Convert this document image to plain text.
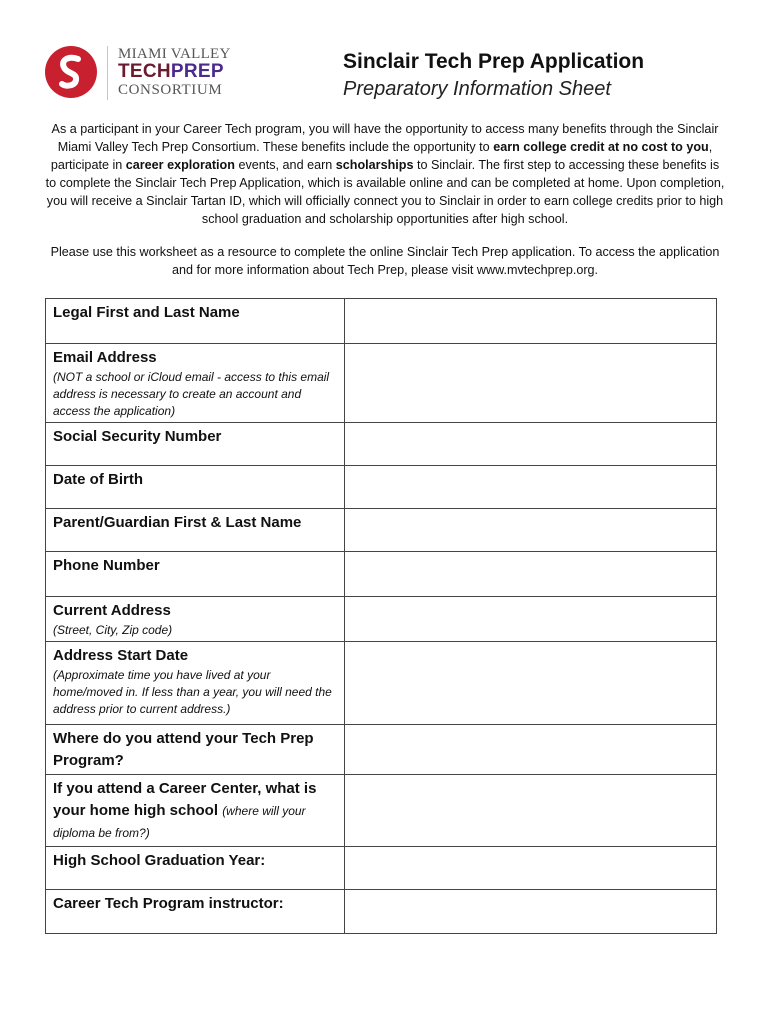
MIAMI VALLEY
TECHPREP
CONSORTIUM
Sinclair Tech Prep Application
Preparatory Information Sheet
As a participant in your Career Tech program, you will have the opportunity to access many benefits through the Sinclair Miami Valley Tech Prep Consortium. These benefits include the opportunity to earn college credit at no cost to you, participate in career exploration events, and earn scholarships to Sinclair. The first step to accessing these benefits is to complete the Sinclair Tech Prep Application, which is available online and can be completed at home. Upon completion, you will receive a Sinclair Tartan ID, which will officially connect you to Sinclair in order to earn college credits prior to high school graduation and scholarship opportunities after high school.
Please use this worksheet as a resource to complete the online Sinclair Tech Prep application. To access the application and for more information about Tech Prep, please visit www.mvtechprep.org.
Legal First and Last Name	

Email Address
(NOT a school or iCloud email - access to this email address is necessary to create an account and access the application)	

Social Security Number	

Date of Birth	

Parent/Guardian First & Last Name	

Phone Number	

Current Address
(Street, City, Zip code)	

Address Start Date
(Approximate time you have lived at your home/moved in. If less than a year, you will need the address prior to current address.)	

Where do you attend your Tech Prep Program?	

If you attend a Career Center, what is your home high school (where will your diploma be from?)	

High School Graduation Year:	

Career Tech Program instructor:	
